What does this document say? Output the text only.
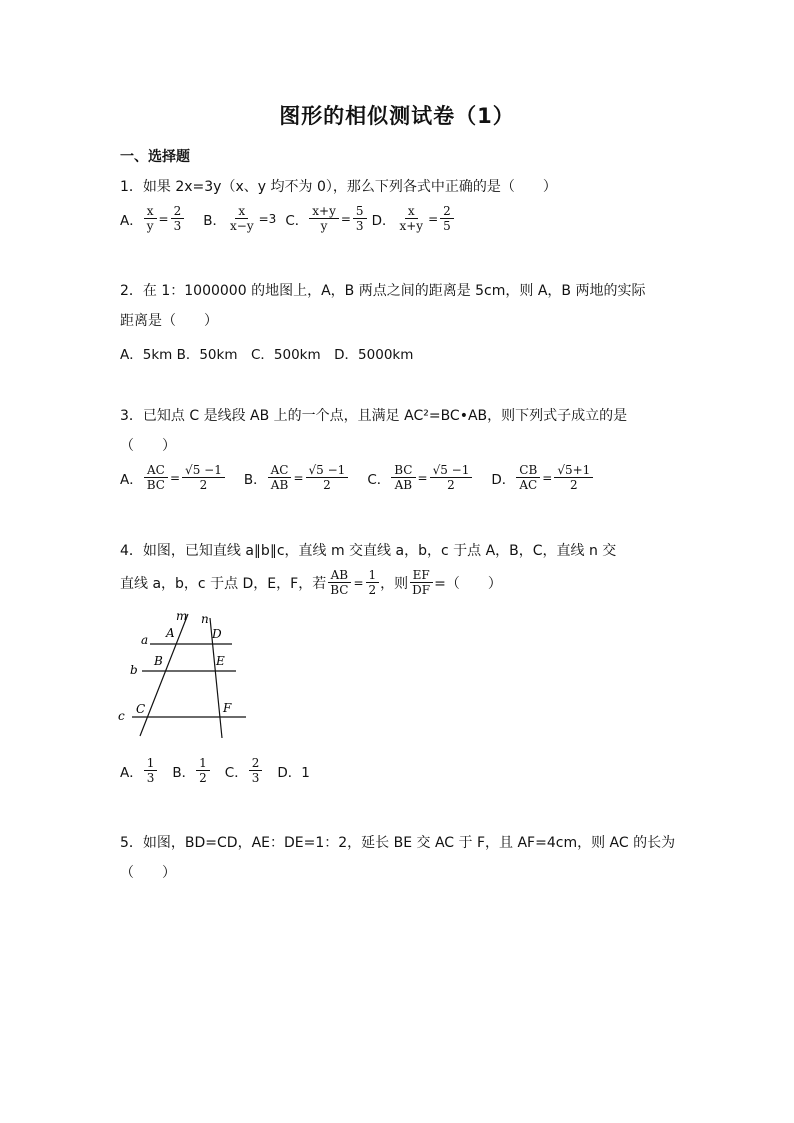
图形的相似测试卷（1）
一、选择题
1．如果 2x=3y（x、y 均不为 0），那么下列各式中正确的是（　　）
A． $\frac{x}{y} = \frac{2}{3}$ B． $\frac{x}{x-y} =3$ C． $\frac{x+y}{y} = \frac{5}{3}$ D． $\frac{x}{x+y} = \frac{2}{5}$
2．在 1：1000000 的地图上，A，B 两点之间的距离是 5cm，则 A，B 两地的实际
距离是（　　）
A．5km B．50km　C．500km　D．5000km
3．已知点 C 是线段 AB 上的一个点，且满足 AC²=BC•AB，则下列式子成立的是
（　　）
A． $\frac{AC}{BC} = \frac{√5 -1}{2}$ B． $\frac{AC}{AB} = \frac{√5 -1}{2}$ C． $\frac{BC}{AB} = \frac{√5 -1}{2}$ D． $\frac{CB}{AC} = \frac{√5+1}{2}$
4．如图，已知直线 a∥b∥c，直线 m 交直线 a，b，c 于点 A，B，C，直线 n 交
直线 a，b，c 于点 D，E，F，若 $\frac{AB}{BC} = \frac{1}{2}$ ，则 $\frac{EF}{DF}$ =（　　）
m n
a
b
c
A
B
C
D
E
F
A． $\frac{1}{3}$ B． $\frac{1}{2}$ C． $\frac{2}{3}$ D．1
5．如图，BD=CD，AE：DE=1：2，延长 BE 交 AC 于 F，且 AF=4cm，则 AC 的长为
（　　）
